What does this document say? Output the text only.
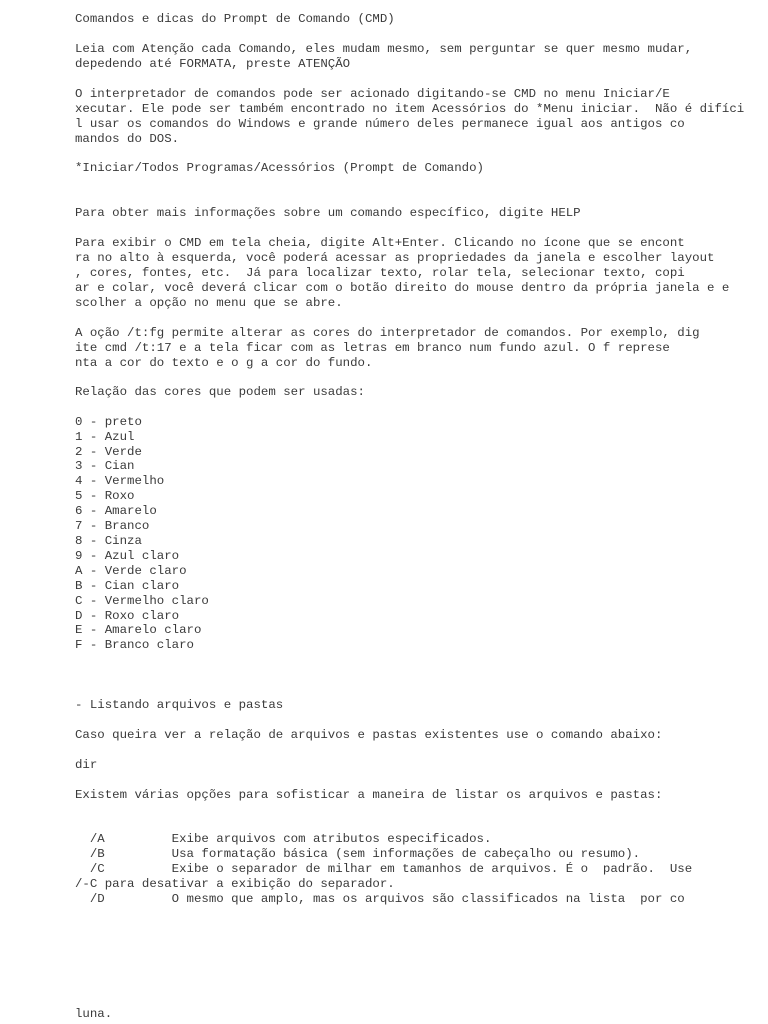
Comandos e dicas do Prompt de Comando (CMD)

Leia com Atenção cada Comando, eles mudam mesmo, sem perguntar se quer mesmo mudar,

depedendo até FORMATA, preste ATENÇÃO

O interpretador de comandos pode ser acionado digitando-se CMD no menu Iniciar/E

xecutar. Ele pode ser também encontrado no item Acessórios do *Menu iniciar.  Não é difíci

l usar os comandos do Windows e grande número deles permanece igual aos antigos co

mandos do DOS.

*Iniciar/Todos Programas/Acessórios (Prompt de Comando)

Para obter mais informações sobre um comando específico, digite HELP

Para exibir o CMD em tela cheia, digite Alt+Enter. Clicando no ícone que se encont

ra no alto à esquerda, você poderá acessar as propriedades da janela e escolher layout

, cores, fontes, etc.  Já para localizar texto, rolar tela, selecionar texto, copi

ar e colar, você deverá clicar com o botão direito do mouse dentro da própria janela e e

scolher a opção no menu que se abre.

A oção /t:fg permite alterar as cores do interpretador de comandos. Por exemplo, dig

ite cmd /t:17 e a tela ficar com as letras em branco num fundo azul. O f represe

nta a cor do texto e o g a cor do fundo.

Relação das cores que podem ser usadas:

0 - preto

1 - Azul

2 - Verde

3 - Cian

4 - Vermelho

5 - Roxo

6 - Amarelo

7 - Branco

8 - Cinza

9 - Azul claro

A - Verde claro

B - Cian claro

C - Vermelho claro

D - Roxo claro

E - Amarelo claro

F - Branco claro

- Listando arquivos e pastas

Caso queira ver a relação de arquivos e pastas existentes use o comando abaixo:

dir

Existem várias opções para sofisticar a maneira de listar os arquivos e pastas:

/A         Exibe arquivos com atributos especificados.

/B         Usa formatação básica (sem informações de cabeçalho ou resumo).

/C         Exibe o separador de milhar em tamanhos de arquivos. É o  padrão.  Use

/-C para desativar a exibição do separador.

/D         O mesmo que amplo, mas os arquivos são classificados na lista  por co

luna.
